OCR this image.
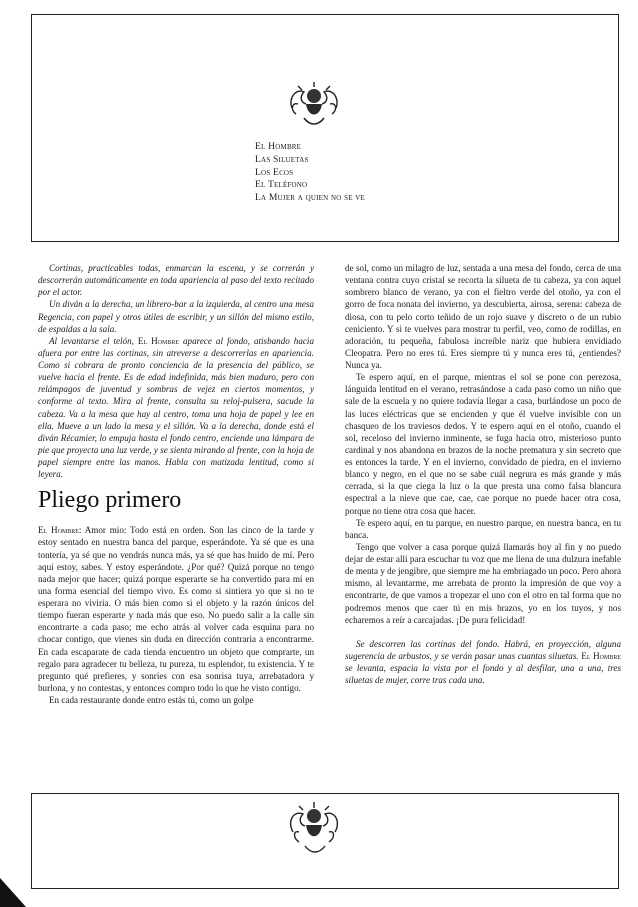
El Hombre
Las Siluetas
Los Ecos
El Teléfono
La Mujer a quien no se ve

Cortinas, practicables todas, enmarcan la escena, y se correrán y descorrerán automáticamente en toda apariencia al paso del texto recitado por el actor.

Un diván a la derecha, un librero-bar a la izquierda, al centro una mesa Regencia, con papel y otros útiles de escribir, y un sillón del mismo estilo, de espaldas a la sala.

Al levantarse el telón, El Hombre aparece al fondo, atisbando hacia afuera por entre las cortinas, sin atreverse a descorrerlas en apariencia. Como si cobrara de pronto conciencia de la presencia del público, se vuelve hacia el frente. Es de edad indefinida, más bien maduro, pero con relámpagos de juventud y sombras de vejez en ciertos momentos, y conforme al texto. Mira al frente, consulta su reloj-pulsera, sacude la cabeza. Va a la mesa que hay al centro, toma una hoja de papel y lee en ella. Mueve a un lado la mesa y el sillón. Va a la derecha, donde está el diván Récamier, lo empuja hasta el fondo centro, enciende una lámpara de pie que proyecta una luz verde, y se sienta mirando al frente, con la hoja de papel siempre entre las manos. Habla con matizada lentitud, como si leyera.

Pliego primero

El Hombre: Amor mío: Todo está en orden. Son las cinco de la tarde y estoy sentado en nuestra banca del parque, esperándote. Ya sé que es una tontería, ya sé que no vendrás nunca más, ya sé que has huido de mí. Pero aquí estoy, sabes. Y estoy esperándote. ¿Por qué? Quizá porque no tengo nada mejor que hacer; quizá porque esperarte se ha convertido para mí en una forma esencial del tiempo vivo. Es como si sintiera yo que si no te esperara no viviría. O más bien como si el objeto y la razón únicos del tiempo fueran esperarte y nada más que eso. No puedo salir a la calle sin encontrarte a cada paso; me echo atrás al volver cada esquina para no chocar contigo, que vienes sin duda en dirección contraria a encontrarme. En cada escaparate de cada tienda encuentro un objeto que comprarte, un regalo para agradecer tu belleza, tu pureza, tu esplendor, tu existencia. Y te pregunto qué prefieres, y sonríes con esa sonrisa tuya, arrebatadora y burlona, y no contestas, y entonces compro todo lo que he visto contigo.

En cada restaurante donde entro estás tú, como un golpe

de sol, como un milagro de luz, sentada a una mesa del fondo, cerca de una ventana contra cuyo cristal se recorta la silueta de tu cabeza, ya con aquel sombrero blanco de verano, ya con el fieltro verde del otoño, ya con el gorro de foca nonata del invierno, ya descubierta, airosa, serena: cabeza de diosa, con tu pelo corto teñido de un rojo suave y discreto o de un rubio ceniciento. Y si te vuelves para mostrar tu perfil, veo, como de rodillas, en adoración, tu pequeña, fabulosa increíble nariz que hubiera envidiado Cleopatra. Pero no eres tú. Eres siempre tú y nunca eres tú, ¿entiendes? Nunca ya.

Te espero aquí, en el parque, mientras el sol se pone con perezosa, lánguida lentitud en el verano, retrasándose a cada paso como un niño que sale de la escuela y no quiere todavía llegar a casa, burlándose un poco de las luces eléctricas que se encienden y que él vuelve invisible con un chasqueo de los traviesos dedos. Y te espero aquí en el otoño, cuando el sol, receloso del invierno inminente, se fuga hacia otro, misterioso punto cardinal y nos abandona en brazos de la noche prematura y sin secreto que es entonces la tarde. Y en el invierno, convidado de piedra, en el invierno blanco y negro, en el que no se sabe cuál negrura es más grande y más cerrada, si la que ciega la luz o la que presta una como falsa blancura espectral a la nieve que cae, cae, cae porque no puede hacer otra cosa, porque no tiene otra cosa que hacer.

Te espero aquí, en tu parque, en nuestro parque, en nuestra banca, en tu banca.

Tengo que volver a casa porque quizá llamarás hoy al fin y no puedo dejar de estar allí para escuchar tu voz que me llena de una dulzura inefable de menta y de jengibre, que siempre me ha embriagado un poco. Pero ahora mismo, al levantarme, me arrebata de pronto la impresión de que voy a encontrarte, de que vamos a tropezar el uno con el otro en tal forma que no podremos menos que caer tú en mis brazos, yo en los tuyos, y nos echaremos a reír a carcajadas. ¡De pura felicidad!

Se descorren las cortinas del fondo. Habrá, en proyección, alguna sugerencia de arbustos, y se verán pasar unas cuantas siluetas. El Hombre se levanta, espacia la vista por el fondo y al desfilar, una a una, tres siluetas de mujer, corre tras cada una.
